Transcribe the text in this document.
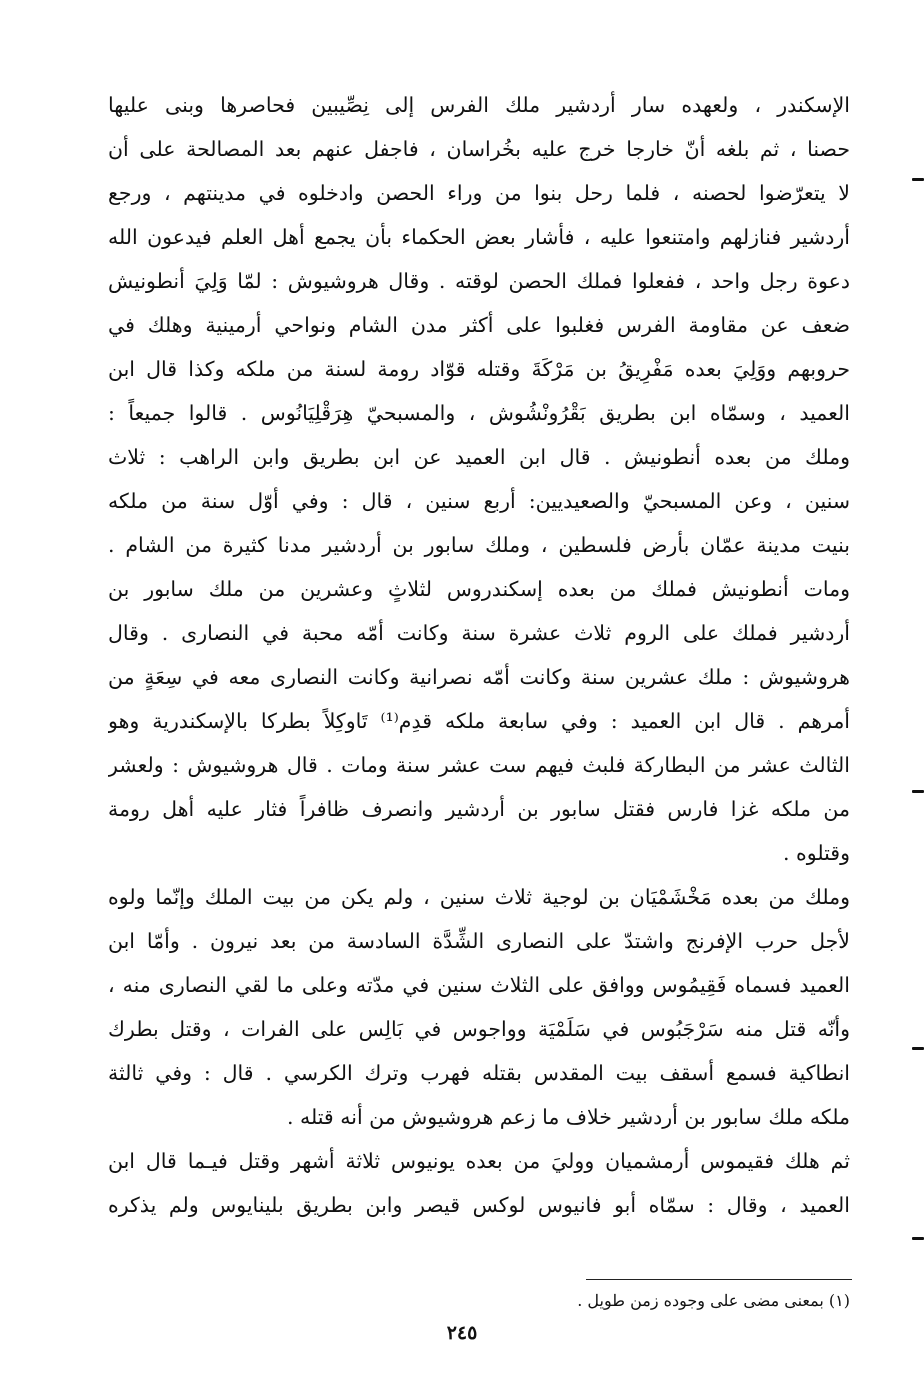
الإسكندر ، ولعهده سار أردشير ملك الفرس إلى نِصِّيبين فحاصرها وبنى عليها
حصنا ، ثم بلغه أنّ خارجا خرج عليه بخُراسان ، فاجفل عنهم بعد المصالحة على أن
لا يتعرّضوا لحصنه ، فلما رحل بنوا من وراء الحصن وادخلوه في مدينتهم ، ورجع
أردشير فنازلهم وامتنعوا عليه ، فأشار بعض الحكماء بأن يجمع أهل العلم فيدعون الله
دعوة رجل واحد ، ففعلوا فملك الحصن لوقته . وقال هروشيوش : لمّا وَلِيَ أنطونيش
ضعف عن مقاومة الفرس فغلبوا على أكثر مدن الشام ونواحي أرمينية وهلك في
حروبهم ووَلِيَ بعده مَفْرِيقُ بن مَرْكَةَ وقتله قوّاد رومة لسنة من ملكه وكذا قال ابن
العميد ، وسمّاه ابن بطريق بَقْرُونْشُوش ، والمسبحيّ هِرَقْلِيَانُوس . قالوا جميعاً :
وملك من بعده أنطونيش . قال ابن العميد عن ابن بطريق وابن الراهب : ثلاث
سنين ، وعن المسبحيّ والصعيديين: أربع سنين ، قال : وفي أوّل سنة من ملكه
بنيت مدينة عمّان بأرض فلسطين ، وملك سابور بن أردشير مدنا كثيرة من الشام .
ومات أنطونيش فملك من بعده إسكندروس لثلاثٍ وعشرين من ملك سابور بن
أردشير فملك على الروم ثلاث عشرة سنة وكانت أمّه محبة في النصارى . وقال
هروشيوش : ملك عشرين سنة وكانت أمّه نصرانية وكانت النصارى معه في سِعَةٍ من
أمرهم . قال ابن العميد : وفي سابعة ملكه قدِم⁽¹⁾ تَاوكِلاً بطركا بالإسكندرية وهو
الثالث عشر من البطاركة فلبث فيهم ست عشر سنة ومات . قال هروشيوش : ولعشر
من ملكه غزا فارس فقتل سابور بن أردشير وانصرف ظافراً فثار عليه أهل رومة
وقتلوه .
وملك من بعده مَخْشَمْيَان بن لوجية ثلاث سنين ، ولم يكن من بيت الملك وإنّما ولوه
لأجل حرب الإفرنج واشتدّ على النصارى الشِّدَّة السادسة من بعد نيرون . وأمّا ابن
العميد فسماه فَقِيمُوس ووافق على الثلاث سنين في مدّته وعلى ما لقي النصارى منه ،
وأنّه قتل منه سَرْجَبُوس في سَلَمْيَة وواجوس في بَالِس على الفرات ، وقتل بطرك
انطاكية فسمع أسقف بيت المقدس بقتله فهرب وترك الكرسي . قال : وفي ثالثة
ملكه ملك سابور بن أردشير خلاف ما زعم هروشيوش من أنه قتله .
ثم هلك فقيموس أرمشميان ووليَ من بعده يونيوس ثلاثة أشهر وقتل فيـما قال ابن
العميد ، وقال : سمّاه أبو فانيوس لوكس قيصر وابن بطريق بلينايوس ولم يذكره
(١) بمعنى مضى على وجوده زمن طويل .
٢٤٥
